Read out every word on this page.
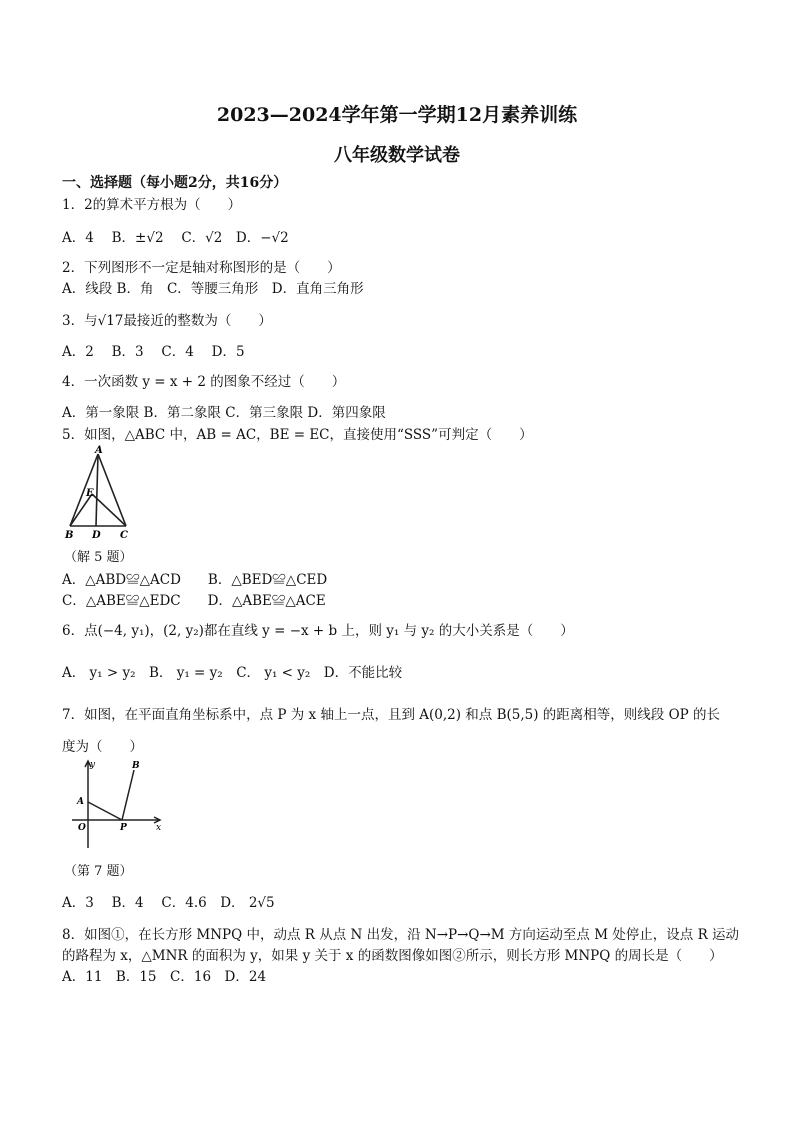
2023—2024学年第一学期12月素养训练
八年级数学试卷
一、选择题（每小题2分，共16分）
1．2的算术平方根为（　　）
A．4　 B．±√2　 C．√2　D．−√2
2．下列图形不一定是轴对称图形的是（　　）
A．线段 B．角　C．等腰三角形　D．直角三角形
3．与√17最接近的整数为（　　）
A．2　 B．3　 C．4　 D．5
4．一次函数 y = x + 2 的图象不经过（　　）
A．第一象限 B．第二象限 C．第三象限 D．第四象限
5．如图，△ABC 中，AB = AC，BE = EC，直接使用“SSS”可判定（　　）
A
E
B D C
（解 5 题）
A．△ABD≌△ACD　　B．△BED≌△CED
C．△ABE≌△EDC　　D．△ABE≌△ACE
6．点(−4, y₁)，(2, y₂)都在直线 y = −x + b 上，则 y₁ 与 y₂ 的大小关系是（　　）
A． y₁ > y₂　B． y₁ = y₂　C． y₁ < y₂　D．不能比较
7．如图，在平面直角坐标系中，点 P 为 x 轴上一点，且到 A(0,2) 和点 B(5,5) 的距离相等，则线段 OP 的长
度为（　　）
y
x
A
B
O	P
（第 7 题）
A．3　 B．4　 C．4.6　D． 2√5
8．如图①，在长方形 MNPQ 中，动点 R 从点 N 出发，沿 N→P→Q→M 方向运动至点 M 处停止，设点 R 运动
的路程为 x，△MNR 的面积为 y，如果 y 关于 x 的函数图像如图②所示，则长方形 MNPQ 的周长是（　　）
A．11　B．15　C．16　D．24
